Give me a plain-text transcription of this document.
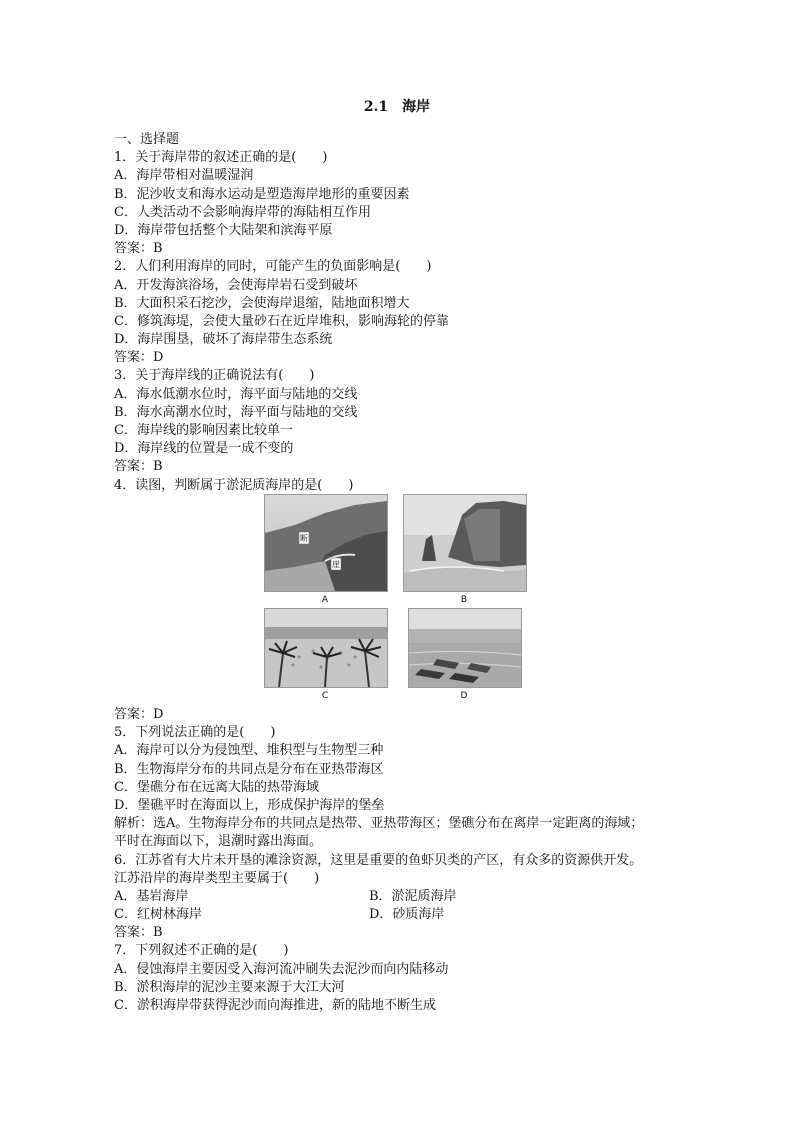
2.1　海岸
一、选择题
1．关于海岸带的叙述正确的是(　　)
A．海岸带相对温暖湿润
B．泥沙收支和海水运动是塑造海岸地形的重要因素
C．人类活动不会影响海岸带的海陆相互作用
D．海岸带包括整个大陆架和滨海平原
答案：B
2．人们利用海岸的同时，可能产生的负面影响是(　　)
A．开发海滨浴场，会使海岸岩石受到破坏
B．大面积采石挖沙，会使海岸退缩，陆地面积增大
C．修筑海堤，会使大量砂石在近岸堆积，影响海轮的停靠
D．海岸围垦，破坏了海岸带生态系统
答案：D
3．关于海岸线的正确说法有(　　)
A．海水低潮水位时，海平面与陆地的交线
B．海水高潮水位时，海平面与陆地的交线
C．海岸线的影响因素比较单一
D．海岸线的位置是一成不变的
答案：B
4．读图，判断属于淤泥质海岸的是(　　)
断
崖
A	B
C	D
答案：D
5．下列说法正确的是(　　)
A．海岸可以分为侵蚀型、堆积型与生物型三种
B．生物海岸分布的共同点是分布在亚热带海区
C．堡礁分布在远离大陆的热带海域
D．堡礁平时在海面以上，形成保护海岸的堡垒
解析：选A。生物海岸分布的共同点是热带、亚热带海区；堡礁分布在离岸一定距离的海域；
平时在海面以下，退潮时露出海面。
6．江苏省有大片未开垦的滩涂资源，这里是重要的鱼虾贝类的产区，有众多的资源供开发。
江苏沿岸的海岸类型主要属于(　　)
A．基岩海岸	B．淤泥质海岸
C．红树林海岸	D．砂质海岸
答案：B
7．下列叙述不正确的是(　　)
A．侵蚀海岸主要因受入海河流冲刷失去泥沙而向内陆移动
B．淤积海岸的泥沙主要来源于大江大河
C．淤积海岸带获得泥沙而向海推进，新的陆地不断生成
